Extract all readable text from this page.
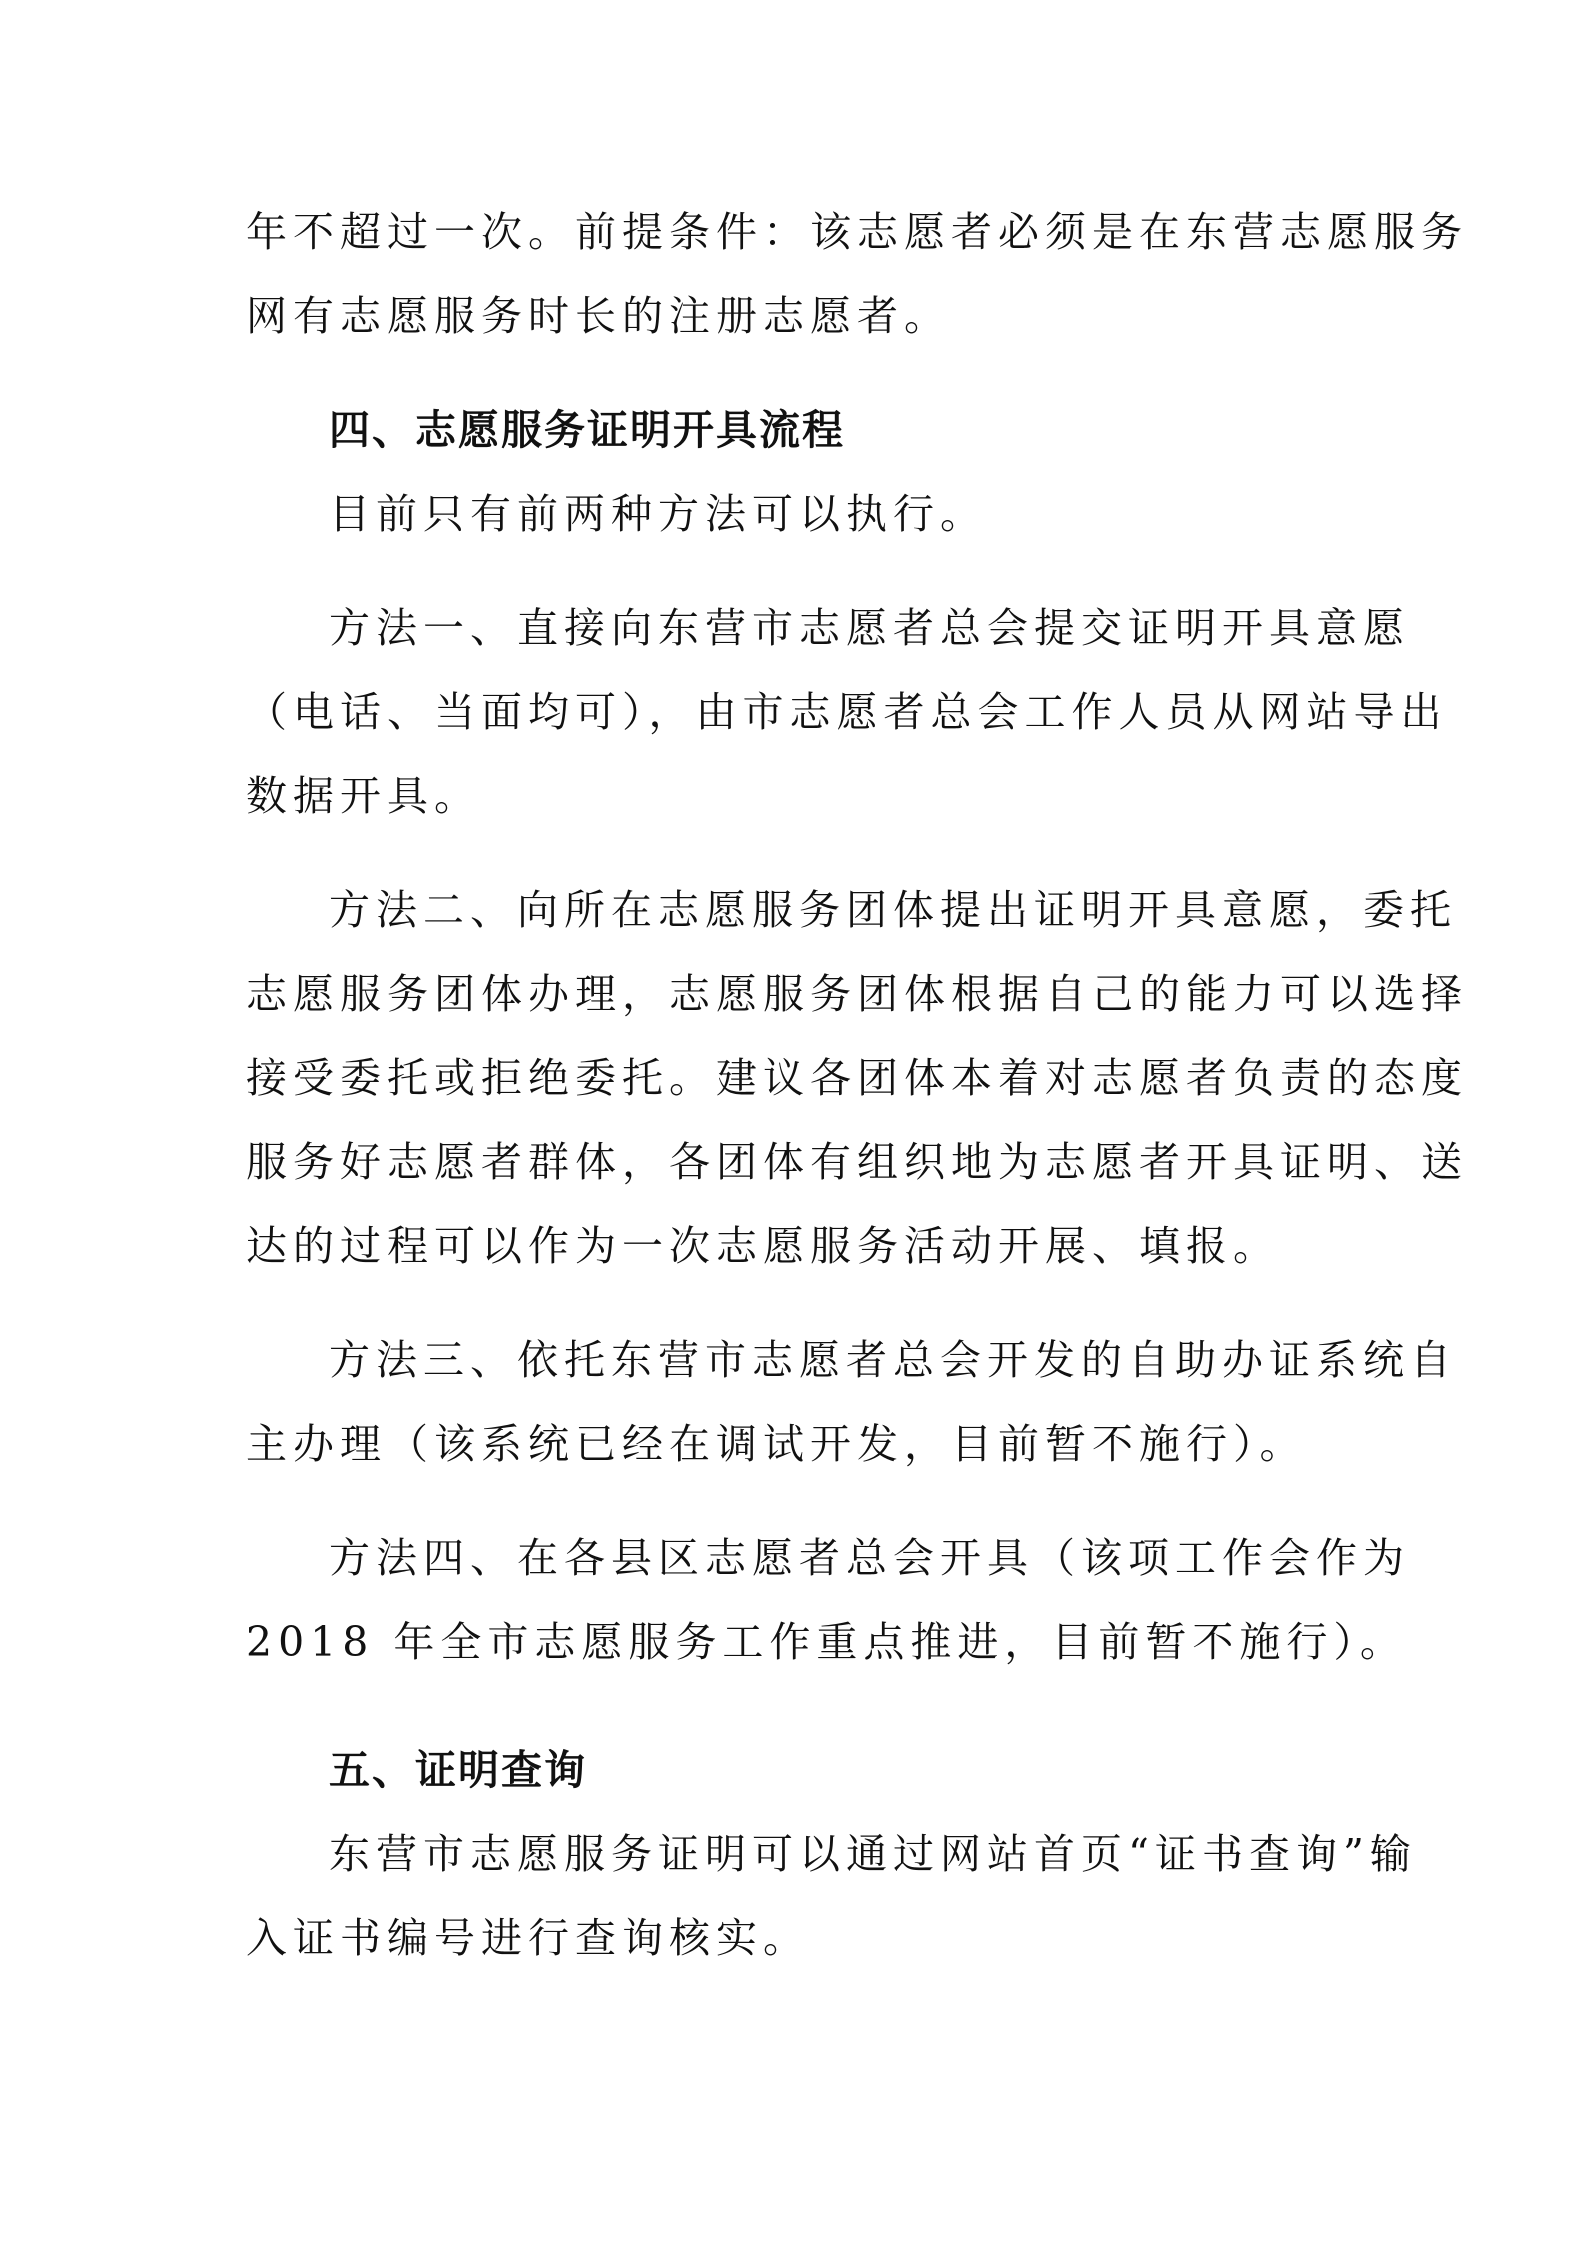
年不超过一次。前提条件：该志愿者必须是在东营志愿服务
网有志愿服务时长的注册志愿者。
四、志愿服务证明开具流程
目前只有前两种方法可以执行。
方法一、直接向东营市志愿者总会提交证明开具意愿
（电话、当面均可），由市志愿者总会工作人员从网站导出
数据开具。
方法二、向所在志愿服务团体提出证明开具意愿，委托
志愿服务团体办理，志愿服务团体根据自己的能力可以选择
接受委托或拒绝委托。建议各团体本着对志愿者负责的态度
服务好志愿者群体，各团体有组织地为志愿者开具证明、送
达的过程可以作为一次志愿服务活动开展、填报。
方法三、依托东营市志愿者总会开发的自助办证系统自
主办理（该系统已经在调试开发，目前暂不施行）。
方法四、在各县区志愿者总会开具（该项工作会作为
2018 年全市志愿服务工作重点推进，目前暂不施行）。
五、证明查询
东营市志愿服务证明可以通过网站首页“证书查询”输
入证书编号进行查询核实。
